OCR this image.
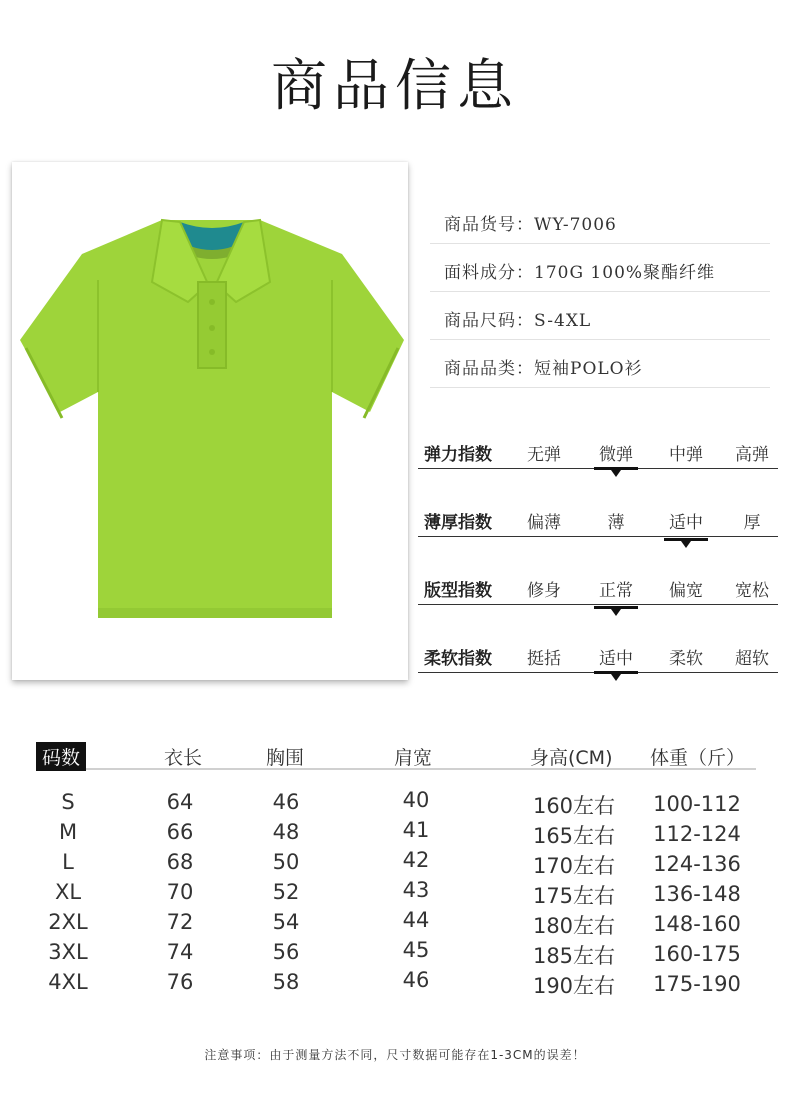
商品信息
商品货号：WY-7006
面料成分：170G 100%聚酯纤维
商品尺码：S-4XL
商品品类：短袖POLO衫
弹力指数	无弹	微弹	中弹	高弹
薄厚指数	偏薄	薄	适中	厚
版型指数	修身	正常	偏宽	宽松
柔软指数	挺括	适中	柔软	超软
码数	衣长	胸围	肩宽	身高(CM) 体重（斤）
S	64	46	40	160左右	100-112
M	66	48	41	165左右	112-124
L	68	50	42	170左右	124-136
XL	70	52	43	175左右	136-148
2XL	72	54	44	180左右	148-160
3XL	74	56	45	185左右	160-175
4XL	76	58	46	190左右	175-190
注意事项：由于测量方法不同，尺寸数据可能存在1-3CM的误差！
